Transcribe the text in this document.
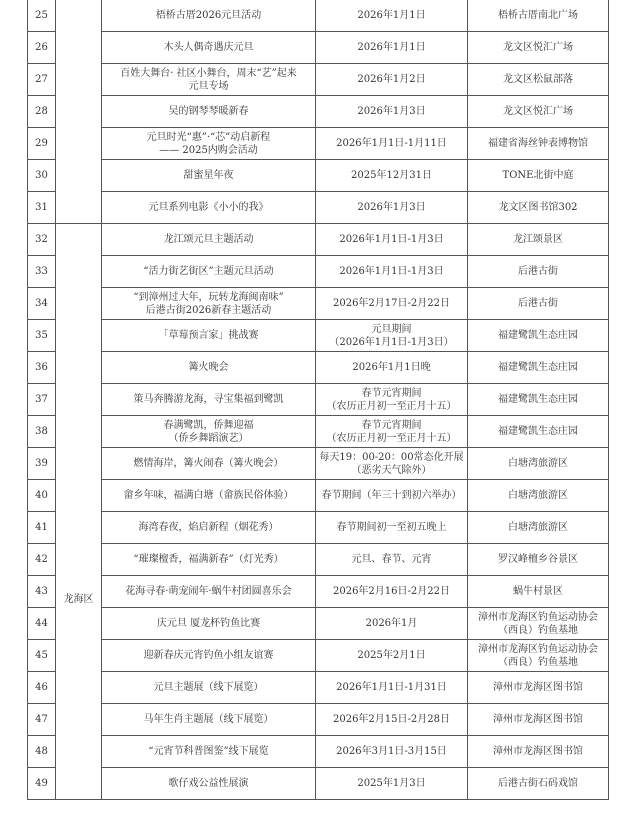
25		梧桥古厝2026元旦活动	2026年1月1日	梧桥古厝南北广场

26		木头人偶奇遇庆元旦	2026年1月1日	龙文区悦汇广场

27		百姓大舞台· 社区小舞台，周末“艺”起来
元旦专场	2026年1月2日	龙文区松鼠部落

28		吴的钢琴琴暖新春	2026年1月3日	龙文区悦汇广场

29		元旦时光“惠”·“芯”动启新程
—— 2025内购会活动	2026年1月1日-1月11日	福建省海丝钟表博物馆

30		甜蜜星年夜	2025年12月31日	TONE北街中庭

31		元旦系列电影《小小的我》	2026年1月3日	龙文区图书馆302

32	龙海区	龙江颂元旦主题活动	2026年1月1日-1月3日	龙江颂景区

33		“活力街艺街区”主题元旦活动	2026年1月1日-1月3日	后港古街

34		“到漳州过大年，玩转龙海闽南味”
后港古街2026新春主题活动	2026年2月17日-2月22日	后港古街

35		「草莓预言家」挑战赛	元旦期间
（2026年1月1日-1月3日）	福建鹭凯生态庄园

36		篝火晚会	2026年1月1日晚	福建鹭凯生态庄园

37		策马奔腾游龙海，寻宝集福到鹭凯	春节元宵期间
（农历正月初一至正月十五）	福建鹭凯生态庄园

38		春满鹭凯，侨舞迎福
（侨乡舞蹈演艺）	春节元宵期间
（农历正月初一至正月十五）	福建鹭凯生态庄园

39		燃情海岸，篝火闹春（篝火晚会）	每天19：00-20：00常态化开展
（恶劣天气除外）	白塘湾旅游区

40		畲乡年味，福满白塘（畲族民俗体验）	春节期间（年三十到初六举办）	白塘湾旅游区

41		海湾春夜，焰启新程（烟花秀）	春节期间初一至初五晚上	白塘湾旅游区

42		“璀璨檀香，福满新春”（灯光秀）	元旦、春节、元宵	罗汉峰檀乡谷景区

43		花海寻春·萌宠闹年·蜗牛村团圆喜乐会	2026年2月16日-2月22日	蜗牛村景区

44		庆元旦 厦龙杯钓鱼比赛	2026年1月	漳州市龙海区钓鱼运动协会
（西良）钓鱼基地

45		迎新春庆元宵钓鱼小组友谊赛	2025年2月1日	漳州市龙海区钓鱼运动协会
（西良）钓鱼基地

46		元旦主题展（线下展览）	2026年1月1日-1月31日	漳州市龙海区图书馆

47		马年生肖主题展（线下展览）	2026年2月15日-2月28日	漳州市龙海区图书馆

48		“元宵节科普图鉴”线下展览	2026年3月1日-3月15日	漳州市龙海区图书馆

49		歌仔戏公益性展演	2025年1月3日	后港古街石码戏馆
